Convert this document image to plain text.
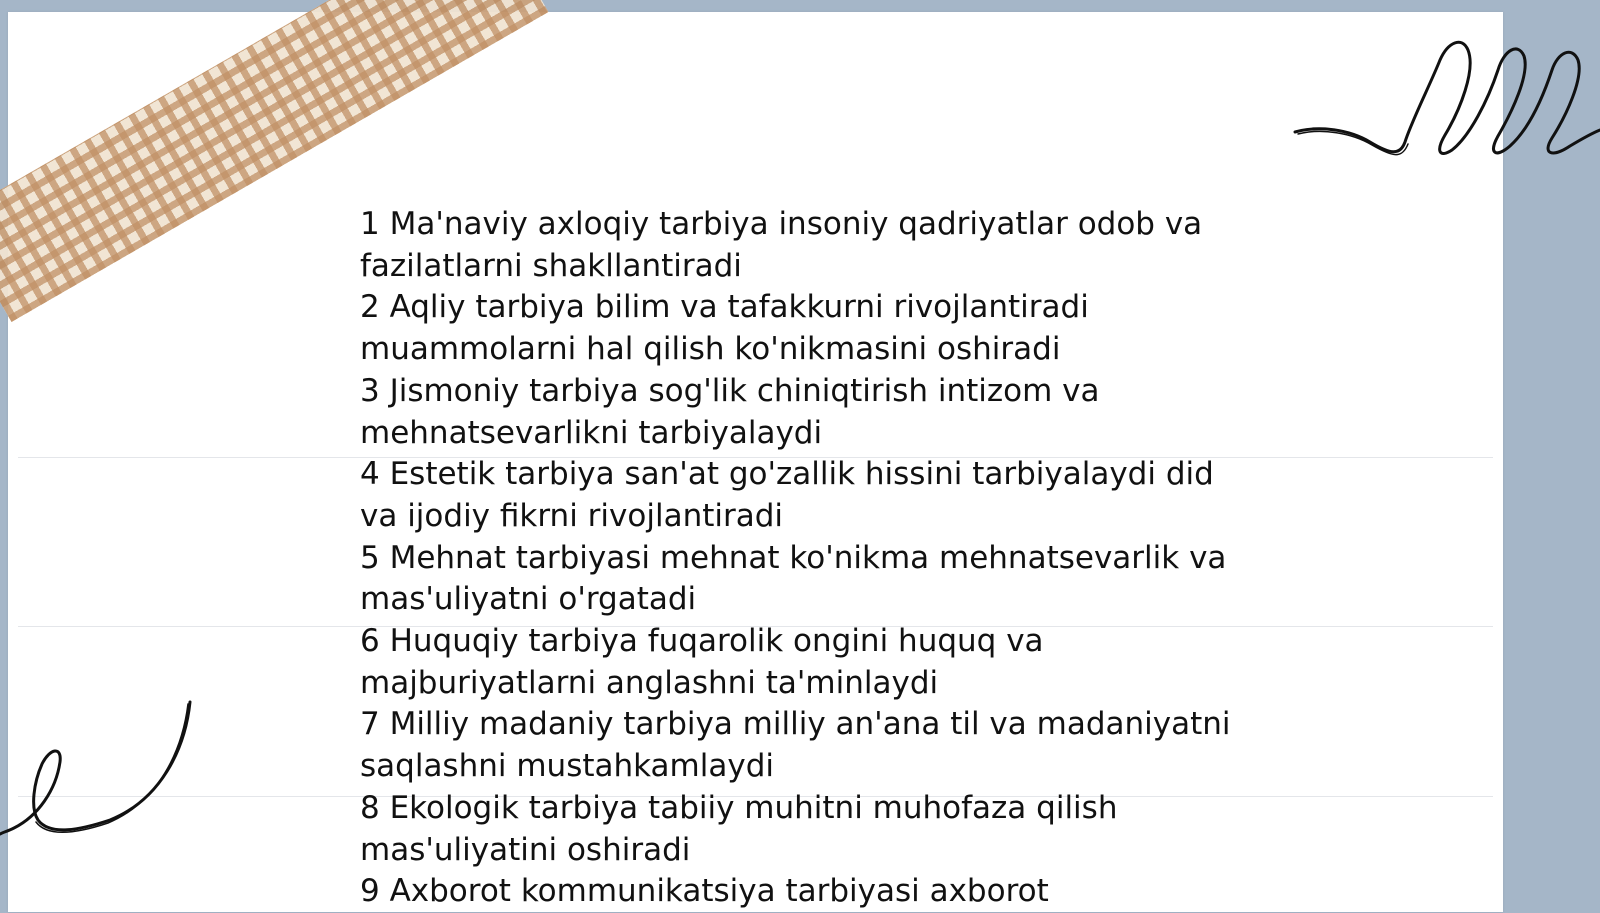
1 Ma'naviy axloqiy tarbiya insoniy qadriyatlar odob va fazilatlarni shakllantiradi
2 Aqliy tarbiya bilim va tafakkurni rivojlantiradi muammolarni hal qilish ko'nikmasini oshiradi
3 Jismoniy tarbiya sog'lik chiniqtirish intizom va mehnatsevarlikni tarbiyalaydi
4 Estetik tarbiya san'at go'zallik hissini tarbiyalaydi did va ijodiy fikrni rivojlantiradi
5 Mehnat tarbiyasi mehnat ko'nikma mehnatsevarlik va mas'uliyatni o'rgatadi
6 Huquqiy tarbiya fuqarolik ongini huquq va majburiyatlarni anglashni ta'minlaydi
7 Milliy madaniy tarbiya milliy an'ana til va madaniyatni saqlashni mustahkamlaydi
8 Ekologik tarbiya tabiiy muhitni muhofaza qilish mas'uliyatini oshiradi
9 Axborot kommunikatsiya tarbiyasi axborot
